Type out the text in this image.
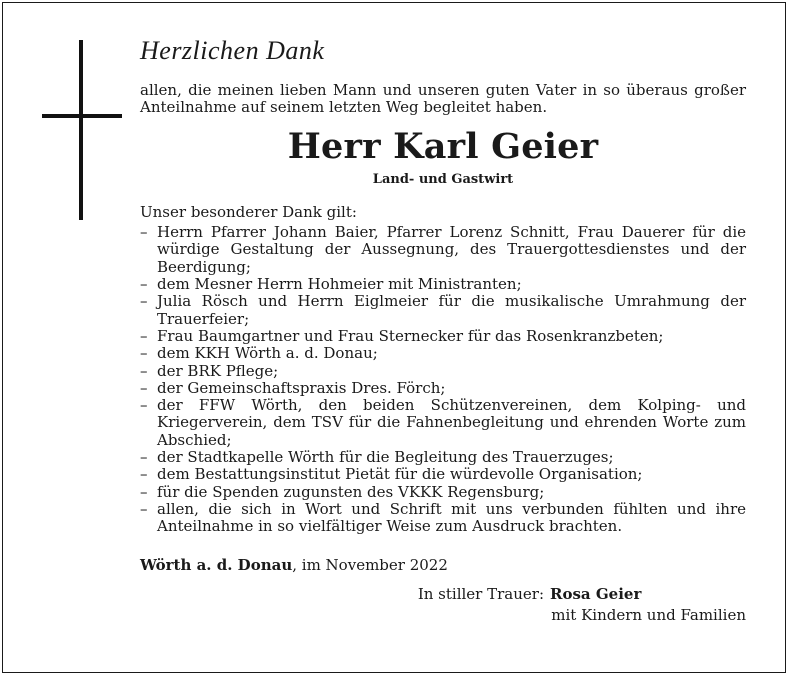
Herzlichen Dank

allen, die meinen lieben Mann und unseren guten Vater in so überaus großer Anteilnahme auf seinem letzten Weg begleitet haben.

Herr Karl Geier
Land- und Gastwirt

Unser besonderer Dank gilt:

– Herrn Pfarrer Johann Baier, Pfarrer Lorenz Schnitt, Frau Dauerer für die würdige Gestaltung der Aussegnung, des Trauergottesdienstes und der Beerdigung;
– dem Mesner Herrn Hohmeier mit Ministranten;
– Julia Rösch und Herrn Eiglmeier für die musikalische Umrahmung der Trauerfeier;
– Frau Baumgartner und Frau Sternecker für das Rosenkranzbeten;
– dem KKH Wörth a. d. Donau;
– der BRK Pflege;
– der Gemeinschaftspraxis Dres. Förch;
– der FFW Wörth, den beiden Schützenvereinen, dem Kolping- und Kriegerverein, dem TSV für die Fahnenbegleitung und ehrenden Worte zum Abschied;
– der Stadtkapelle Wörth für die Begleitung des Trauerzuges;
– dem Bestattungsinstitut Pietät für die würdevolle Organisation;
– für die Spenden zugunsten des VKKK Regensburg;
– allen, die sich in Wort und Schrift mit uns verbunden fühlten und ihre Anteilnahme in so vielfältiger Weise zum Ausdruck brachten.
Wörth a. d. Donau, im November 2022
In stiller Trauer: Rosa Geier
mit Kindern und Familien
